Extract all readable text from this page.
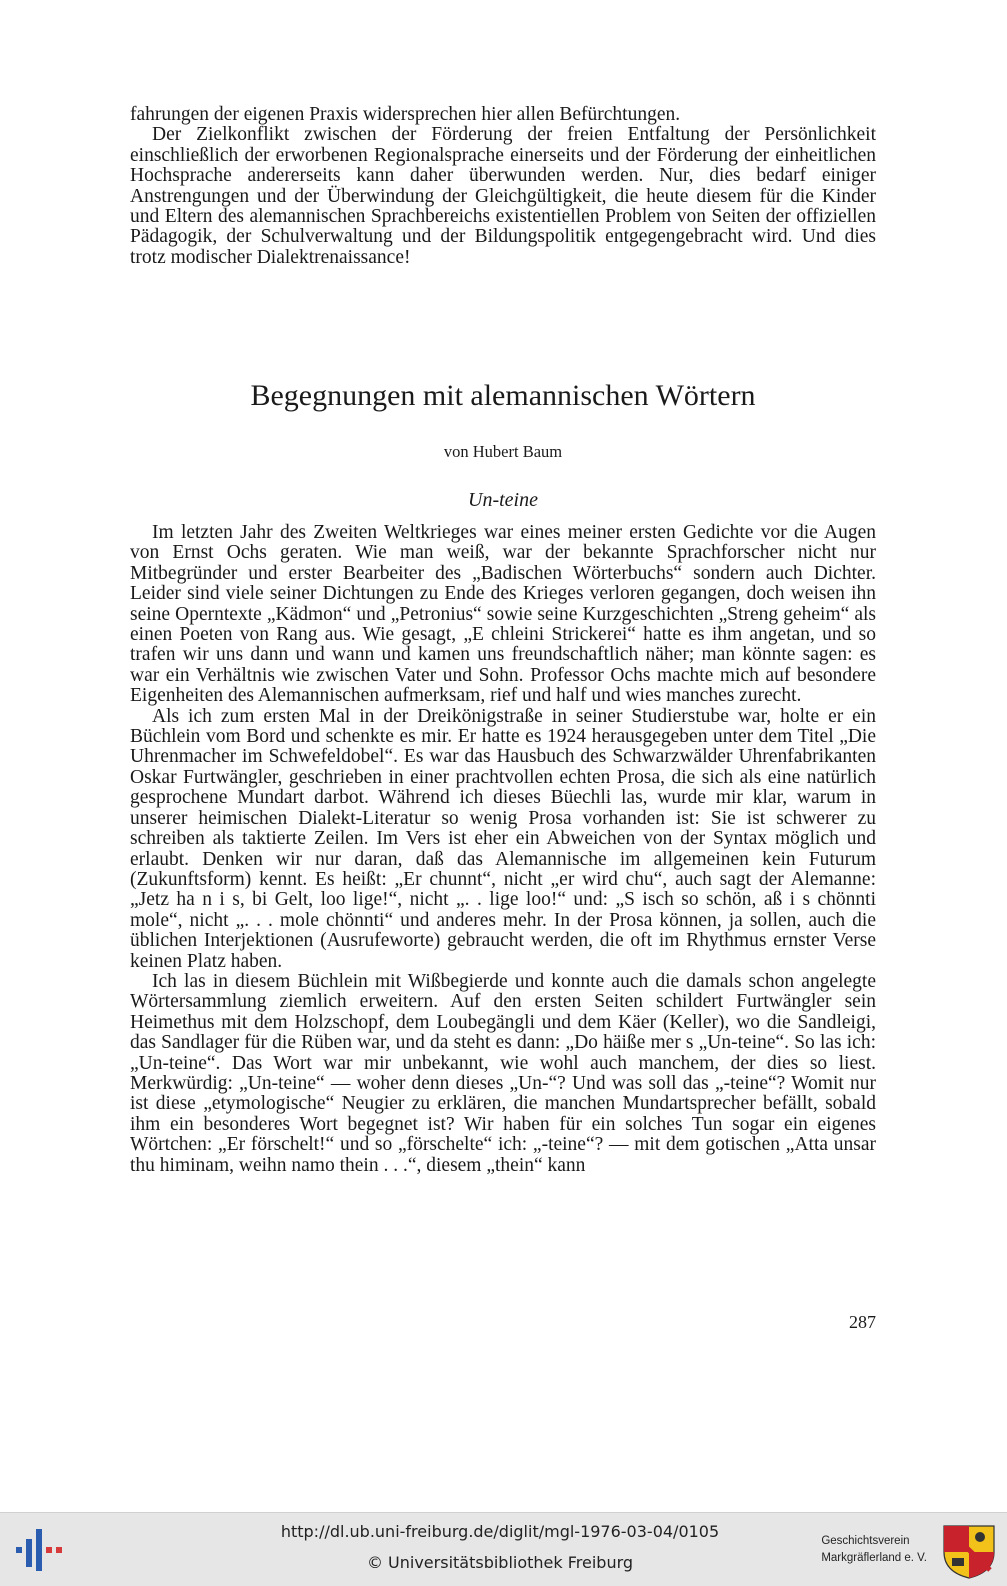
fahrungen der eigenen Praxis widersprechen hier allen Befürchtungen.

Der Zielkonflikt zwischen der Förderung der freien Entfaltung der Persönlichkeit einschließlich der erworbenen Regionalsprache einerseits und der Förderung der einheitlichen Hochsprache andererseits kann daher überwunden werden. Nur, dies bedarf einiger Anstrengungen und der Überwindung der Gleichgültigkeit, die heute diesem für die Kinder und Eltern des alemannischen Sprachbereichs existentiellen Problem von Seiten der offiziellen Pädagogik, der Schulverwaltung und der Bildungspolitik entgegengebracht wird. Und dies trotz modischer Dialektrenaissance!

Begegnungen mit alemannischen Wörtern
von Hubert Baum
Un-teine

Im letzten Jahr des Zweiten Weltkrieges war eines meiner ersten Gedichte vor die Augen von Ernst Ochs geraten. Wie man weiß, war der bekannte Sprachforscher nicht nur Mitbegründer und erster Bearbeiter des „Badischen Wörterbuchs“ sondern auch Dichter. Leider sind viele seiner Dichtungen zu Ende des Krieges verloren gegangen, doch weisen ihn seine Operntexte „Kädmon“ und „Petronius“ sowie seine Kurzgeschichten „Streng geheim“ als einen Poeten von Rang aus. Wie gesagt, „E chleini Strickerei“ hatte es ihm angetan, und so trafen wir uns dann und wann und kamen uns freundschaftlich näher; man könnte sagen: es war ein Verhältnis wie zwischen Vater und Sohn. Professor Ochs machte mich auf besondere Eigenheiten des Alemannischen aufmerksam, rief und half und wies manches zurecht.

Als ich zum ersten Mal in der Dreikönigstraße in seiner Studierstube war, holte er ein Büchlein vom Bord und schenkte es mir. Er hatte es 1924 herausgegeben unter dem Titel „Die Uhrenmacher im Schwefeldobel“. Es war das Hausbuch des Schwarzwälder Uhrenfabrikanten Oskar Furtwängler, geschrieben in einer prachtvollen echten Prosa, die sich als eine natürlich gesprochene Mundart darbot. Während ich dieses Büechli las, wurde mir klar, warum in unserer heimischen Dialekt-Literatur so wenig Prosa vorhanden ist: Sie ist schwerer zu schreiben als taktierte Zeilen. Im Vers ist eher ein Abweichen von der Syntax möglich und erlaubt. Denken wir nur daran, daß das Alemannische im allgemeinen kein Futurum (Zukunftsform) kennt. Es heißt: „Er chunnt“, nicht „er wird chu“, auch sagt der Alemanne: „Jetz ha n i s, bi Gelt, loo lige!“, nicht „. . lige loo!“ und: „S isch so schön, aß i s chönnti mole“, nicht „. . . mole chönnti“ und anderes mehr. In der Prosa können, ja sollen, auch die üblichen Interjektionen (Ausrufeworte) gebraucht werden, die oft im Rhythmus ernster Verse keinen Platz haben.

Ich las in diesem Büchlein mit Wißbegierde und konnte auch die damals schon angelegte Wörtersammlung ziemlich erweitern. Auf den ersten Seiten schildert Furtwängler sein Heimethus mit dem Holzschopf, dem Loubegängli und dem Käer (Keller), wo die Sandleigi, das Sandlager für die Rüben war, und da steht es dann: „Do häiße mer s „Un-teine“. So las ich: „Un-teine“. Das Wort war mir unbekannt, wie wohl auch manchem, der dies so liest. Merkwürdig: „Un-teine“ — woher denn dieses „Un-“? Und was soll das „-teine“? Womit nur ist diese „etymologische“ Neugier zu erklären, die manchen Mundartsprecher befällt, sobald ihm ein besonderes Wort begegnet ist? Wir haben für ein solches Tun sogar ein eigenes Wörtchen: „Er förschelt!“ und so „förschelte“ ich: „-teine“? — mit dem gotischen „Atta unsar thu himinam, weihn namo thein . . .“, diesem „thein“ kann

287
http://dl.ub.uni-freiburg.de/diglit/mgl-1976-03-04/0105
© Universitätsbibliothek Freiburg
Geschichtsverein
Markgräflerland e. V.
